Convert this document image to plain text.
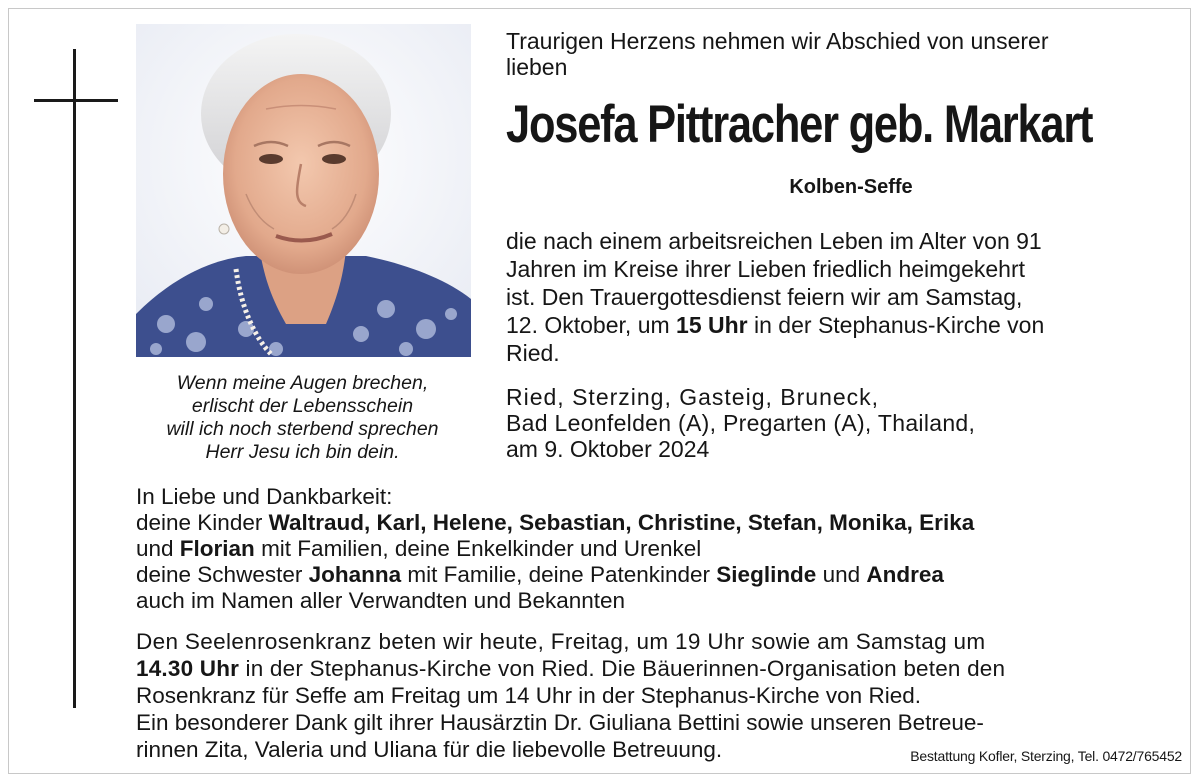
Wenn meine Augen brechen,
erlischt der Lebensschein
will ich noch sterbend sprechen
Herr Jesu ich bin dein.
Traurigen Herzens nehmen wir Abschied von unserer
lieben
Josefa Pittracher geb. Markart
Kolben-Seffe
die nach einem arbeitsreichen Leben im Alter von 91
Jahren im Kreise ihrer Lieben friedlich heimgekehrt
ist. Den Trauergottesdienst feiern wir am Samstag,
12. Oktober, um 15 Uhr in der Stephanus-Kirche von
Ried.
Ried, Sterzing, Gasteig, Bruneck,
Bad Leonfelden (A), Pregarten (A), Thailand,
am 9. Oktober 2024
In Liebe und Dankbarkeit:
deine Kinder Waltraud, Karl, Helene, Sebastian, Christine, Stefan, Monika, Erika
und Florian mit Familien, deine Enkelkinder und Urenkel
deine Schwester Johanna mit Familie, deine Patenkinder Sieglinde und Andrea
auch im Namen aller Verwandten und Bekannten
Den Seelenrosenkranz beten wir heute, Freitag, um 19 Uhr sowie am Samstag um
14.30 Uhr in der Stephanus-Kirche von Ried. Die Bäuerinnen-Organisation beten den
Rosenkranz für Seffe am Freitag um 14 Uhr in der Stephanus-Kirche von Ried.
Ein besonderer Dank gilt ihrer Hausärztin Dr. Giuliana Bettini sowie unseren Betreue-
rinnen Zita, Valeria und Uliana für die liebevolle Betreuung.	Bestattung Kofler, Sterzing, Tel. 0472/765452
